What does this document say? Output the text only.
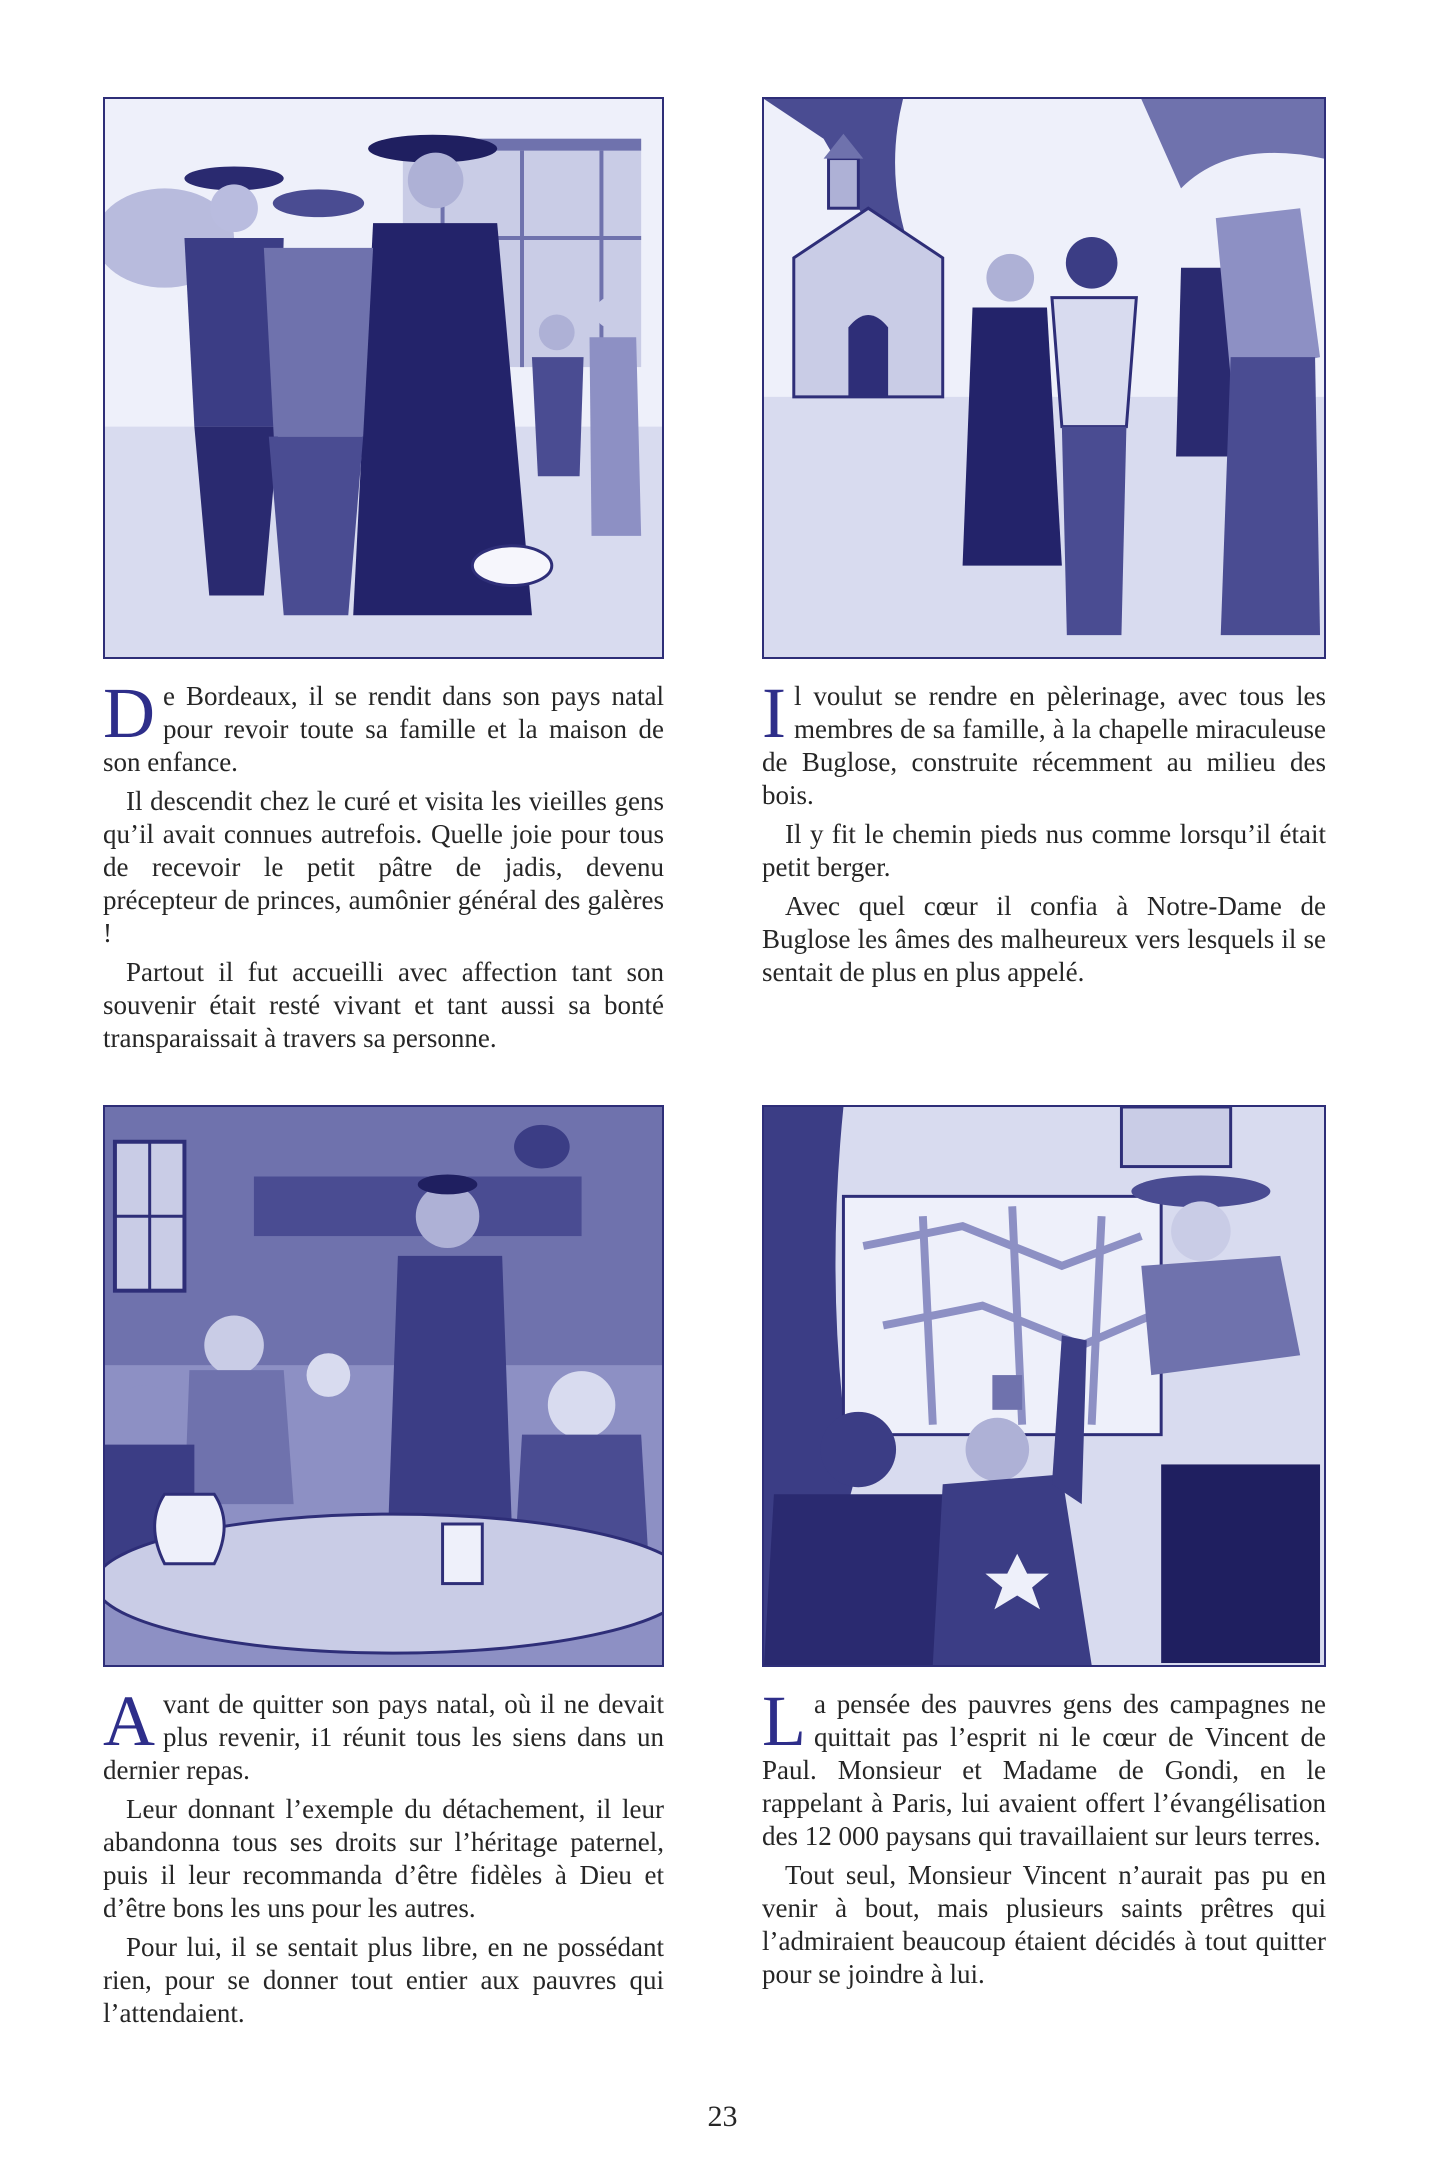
De Bordeaux, il se rendit dans son pays natal pour revoir toute sa famille et la maison de son enfance.

Il descendit chez le curé et visita les vieilles gens qu’il avait connues autrefois. Quelle joie pour tous de recevoir le petit pâtre de jadis, devenu précepteur de princes, aumônier général des galères !

Partout il fut accueilli avec affection tant son souvenir était resté vivant et tant aussi sa bonté transparaissait à travers sa personne.

Il voulut se rendre en pèlerinage, avec tous les membres de sa famille, à la chapelle miraculeuse de Buglose, construite récemment au milieu des bois.

Il y fit le chemin pieds nus comme lorsqu’il était petit berger.

Avec quel cœur il confia à Notre-Dame de Buglose les âmes des malheureux vers lesquels il se sentait de plus en plus appelé.

Avant de quitter son pays natal, où il ne devait plus revenir, i1 réunit tous les siens dans un dernier repas.

Leur donnant l’exemple du détachement, il leur abandonna tous ses droits sur l’héritage paternel, puis il leur recommanda d’être fidèles à Dieu et d’être bons les uns pour les autres.

Pour lui, il se sentait plus libre, en ne possédant rien, pour se donner tout entier aux pauvres qui l’attendaient.

La pensée des pauvres gens des campagnes ne quittait pas l’esprit ni le cœur de Vincent de Paul. Monsieur et Madame de Gondi, en le rappelant à Paris, lui avaient offert l’évangélisation des 12 000 paysans qui travaillaient sur leurs terres.

Tout seul, Monsieur Vincent n’aurait pas pu en venir à bout, mais plusieurs saints prêtres qui l’admiraient beaucoup étaient décidés à tout quitter pour se joindre à lui.

23
